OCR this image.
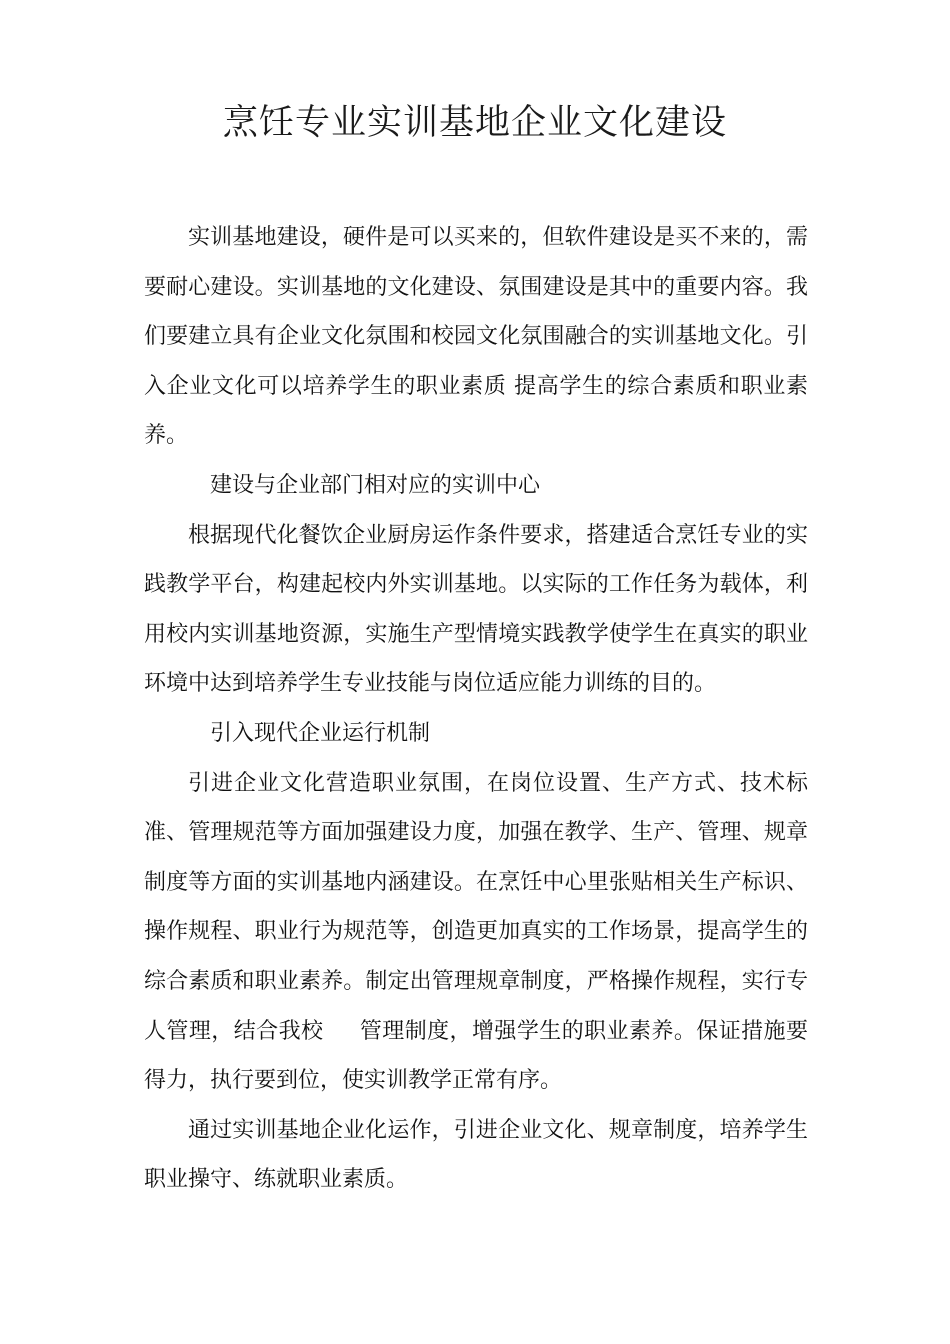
烹饪专业实训基地企业文化建设

实训基地建设，硬件是可以买来的，但软件建设是买不来的，需要耐心建设。实训基地的文化建设、氛围建设是其中的重要内容。我们要建立具有企业文化氛围和校园文化氛围融合的实训基地文化。引入企业文化可以培养学生的职业素质 提高学生的综合素质和职业素养。

建设与企业部门相对应的实训中心

根据现代化餐饮企业厨房运作条件要求，搭建适合烹饪专业的实践教学平台，构建起校内外实训基地。以实际的工作任务为载体，利用校内实训基地资源，实施生产型情境实践教学使学生在真实的职业环境中达到培养学生专业技能与岗位适应能力训练的目的。

引入现代企业运行机制

引进企业文化营造职业氛围，在岗位设置、生产方式、技术标准、管理规范等方面加强建设力度，加强在教学、生产、管理、规章制度等方面的实训基地内涵建设。在烹饪中心里张贴相关生产标识、操作规程、职业行为规范等，创造更加真实的工作场景，提高学生的综合素质和职业素养。制定出管理规章制度，严格操作规程，实行专人管理，结合我校 管理制度，增强学生的职业素养。保证措施要得力，执行要到位，使实训教学正常有序。

通过实训基地企业化运作，引进企业文化、规章制度，培养学生职业操守、练就职业素质。
